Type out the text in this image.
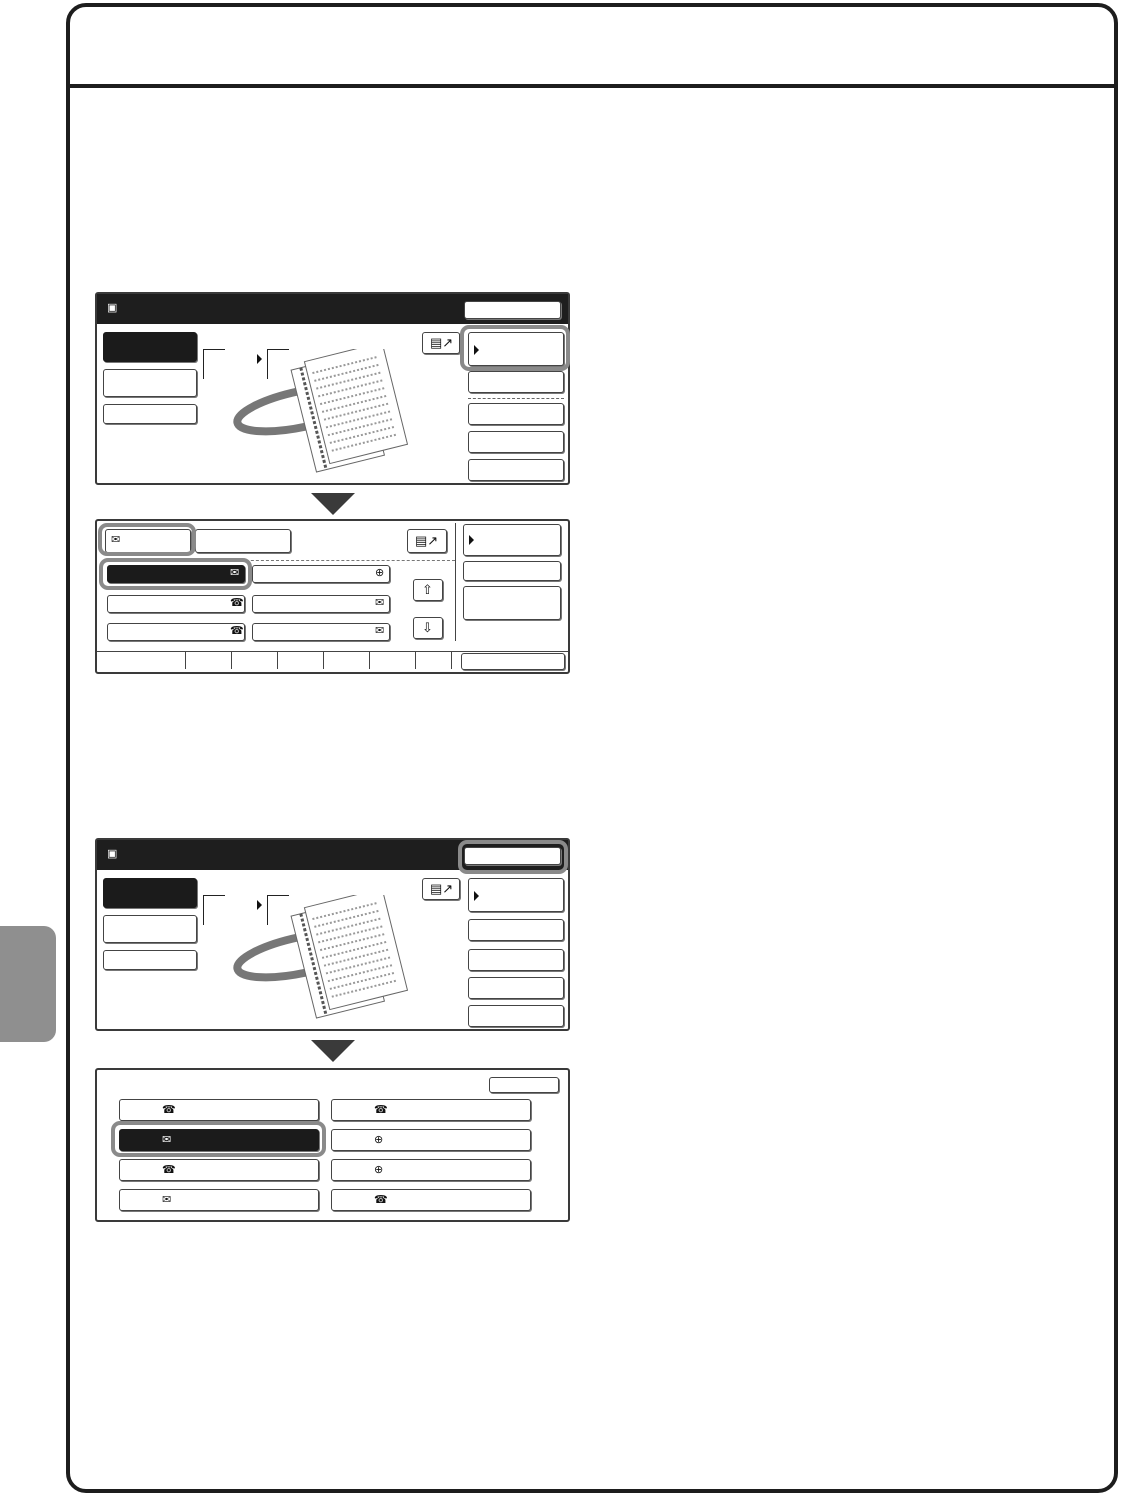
▣
▤↗
✉	▤↗
✉	⊕
☎	✉
☎	✉
⇧
⇩
▣
▤↗
☎	☎
✉	⊕
☎	⊕
✉	☎
